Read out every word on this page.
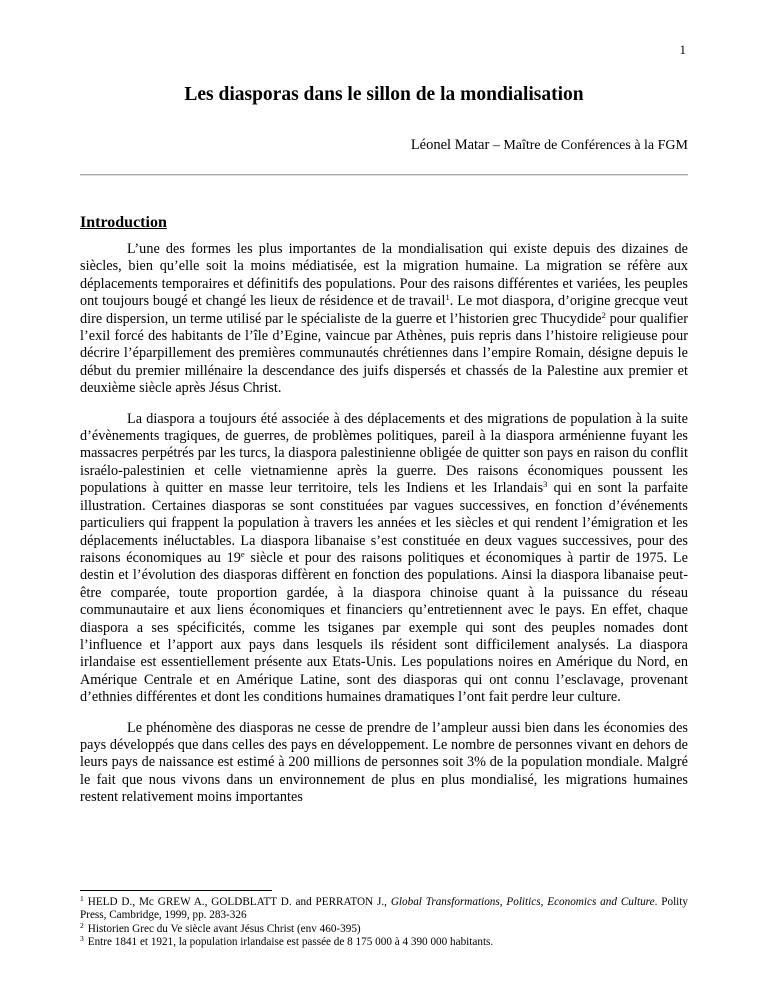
1
Les diasporas dans le sillon de la mondialisation
Léonel Matar – Maître de Conférences à la FGM
Introduction

L’une des formes les plus importantes de la mondialisation qui existe depuis des dizaines de siècles, bien qu’elle soit la moins médiatisée, est la migration humaine. La migration se réfère aux déplacements temporaires et définitifs des populations. Pour des raisons différentes et variées, les peuples ont toujours bougé et changé les lieux de résidence et de travail$^1$. Le mot diaspora, d’origine grecque veut dire dispersion, un terme utilisé par le spécialiste de la guerre et l’historien grec Thucydide$^2$ pour qualifier l’exil forcé des habitants de l’île d’Egine, vaincue par Athènes, puis repris dans l’histoire religieuse pour décrire l’éparpillement des premières communautés chrétiennes dans l’empire Romain, désigne depuis le début du premier millénaire la descendance des juifs dispersés et chassés de la Palestine aux premier et deuxième siècle après Jésus Christ.

La diaspora a toujours été associée à des déplacements et des migrations de population à la suite d’évènements tragiques, de guerres, de problèmes politiques, pareil à la diaspora arménienne fuyant les massacres perpétrés par les turcs, la diaspora palestinienne obligée de quitter son pays en raison du conflit israélo-palestinien et celle vietnamienne après la guerre. Des raisons économiques poussent les populations à quitter en masse leur territoire, tels les Indiens et les Irlandais$^3$ qui en sont la parfaite illustration. Certaines diasporas se sont constituées par vagues successives, en fonction d’événements particuliers qui frappent la population à travers les années et les siècles et qui rendent l’émigration et les déplacements inéluctables. La diaspora libanaise s’est constituée en deux vagues successives, pour des raisons économiques au 19e siècle et pour des raisons politiques et économiques à partir de 1975. Le destin et l’évolution des diasporas diffèrent en fonction des populations. Ainsi la diaspora libanaise peut-être comparée, toute proportion gardée, à la diaspora chinoise quant à la puissance du réseau communautaire et aux liens économiques et financiers qu’entretiennent avec le pays. En effet, chaque diaspora a ses spécificités, comme les tsiganes par exemple qui sont des peuples nomades dont l’influence et l’apport aux pays dans lesquels ils résident sont difficilement analysés. La diaspora irlandaise est essentiellement présente aux Etats-Unis. Les populations noires en Amérique du Nord, en Amérique Centrale et en Amérique Latine, sont des diasporas qui ont connu l’esclavage, provenant d’ethnies différentes et dont les conditions humaines dramatiques l’ont fait perdre leur culture.

Le phénomène des diasporas ne cesse de prendre de l’ampleur aussi bien dans les économies des pays développés que dans celles des pays en développement. Le nombre de personnes vivant en dehors de leurs pays de naissance est estimé à 200 millions de personnes soit 3% de la population mondiale. Malgré le fait que nous vivons dans un environnement de plus en plus mondialisé, les migrations humaines restent relativement moins importantes

$^1$ HELD D., Mc GREW A., GOLDBLATT D. and PERRATON J., Global Transformations, Politics, Economics and Culture. Polity Press, Cambridge, 1999, pp. 283-326
$^2$ Historien Grec du Ve siècle avant Jésus Christ (env 460-395)
$^3$ Entre 1841 et 1921, la population irlandaise est passée de 8 175 000 à 4 390 000 habitants.
